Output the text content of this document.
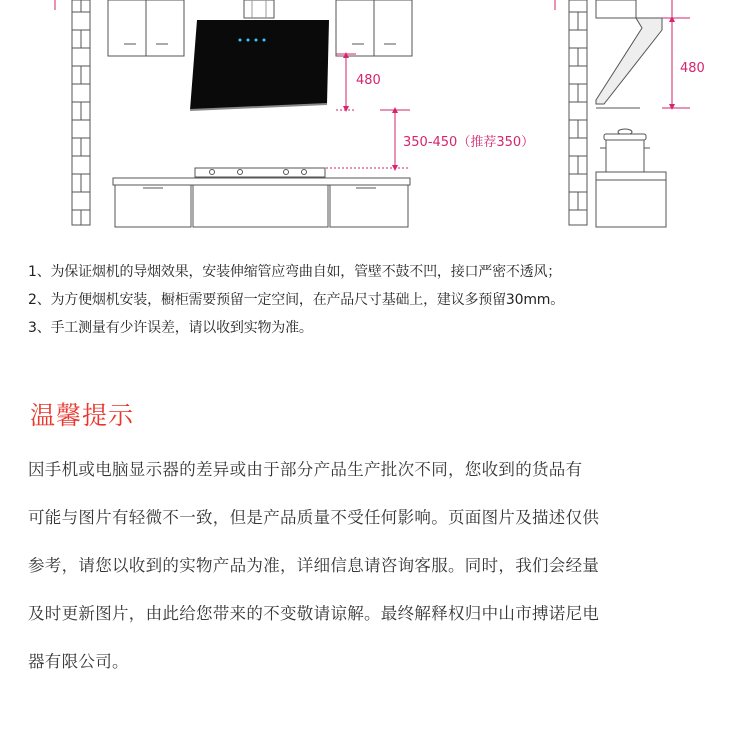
480
350-450（推荐350）
480
1、为保证烟机的导烟效果，安装伸缩管应弯曲自如，管壁不鼓不凹，接口严密不透风；
2、为方便烟机安装，橱柜需要预留一定空间，在产品尺寸基础上，建议多预留30mm。
3、手工测量有少许误差，请以收到实物为准。
温馨提示
因手机或电脑显示器的差异或由于部分产品生产批次不同，您收到的货品有
可能与图片有轻微不一致，但是产品质量不受任何影响。页面图片及描述仅供
参考，请您以收到的实物产品为准，详细信息请咨询客服。同时，我们会经量
及时更新图片，由此给您带来的不变敬请谅解。最终解释权归中山市搏诺尼电
器有限公司。
